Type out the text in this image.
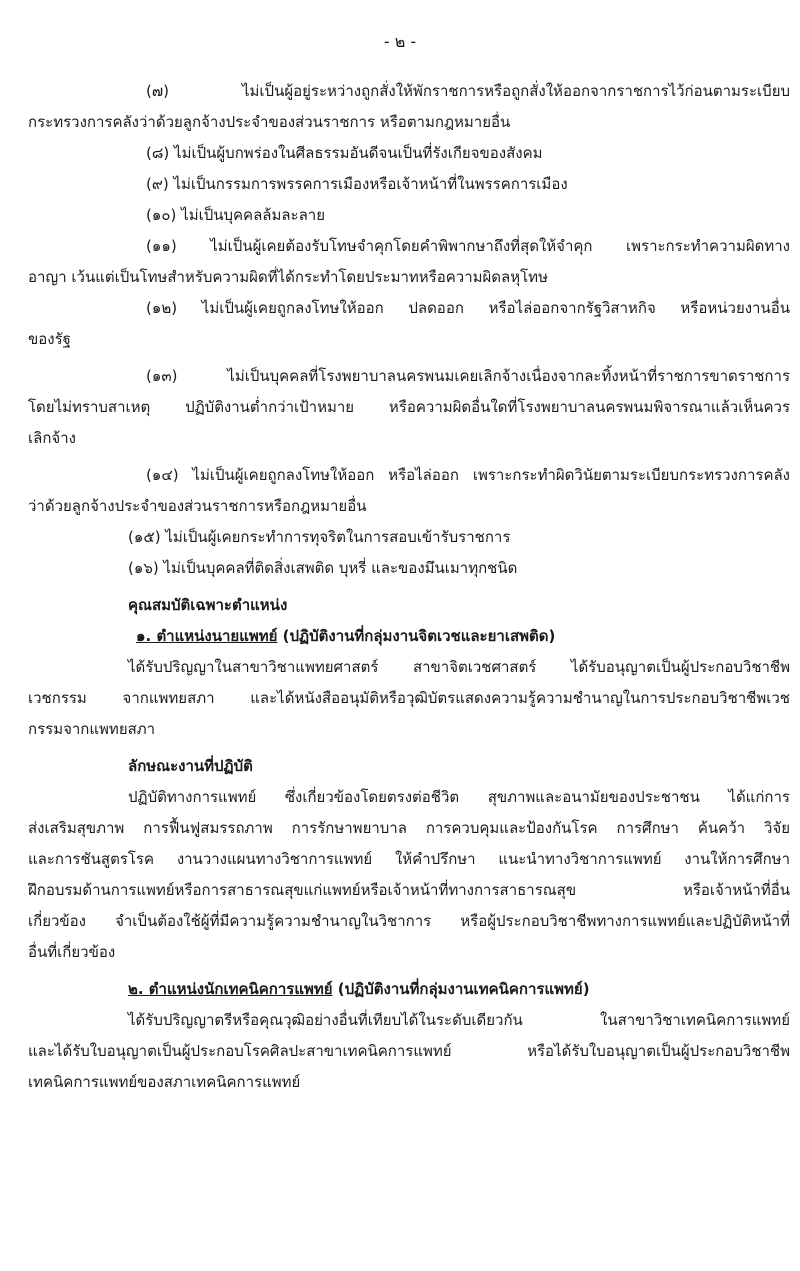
- ๒ -

(๗) ไม่เป็นผู้อยู่ระหว่างถูกสั่งให้พักราชการหรือถูกสั่งให้ออกจากราชการไว้ก่อนตามระเบียบ

กระทรวงการคลังว่าด้วยลูกจ้างประจำของส่วนราชการ หรือตามกฎหมายอื่น

(๘) ไม่เป็นผู้บกพร่องในศีลธรรมอันดีจนเป็นที่รังเกียจของสังคม

(๙) ไม่เป็นกรรมการพรรคการเมืองหรือเจ้าหน้าที่ในพรรคการเมือง

(๑๐) ไม่เป็นบุคคลล้มละลาย

(๑๑) ไม่เป็นผู้เคยต้องรับโทษจำคุกโดยคำพิพากษาถึงที่สุดให้จำคุก เพราะกระทำความผิดทาง

อาญา เว้นแต่เป็นโทษสำหรับความผิดที่ได้กระทำโดยประมาทหรือความผิดลหุโทษ

(๑๒) ไม่เป็นผู้เคยถูกลงโทษให้ออก ปลดออก หรือไล่ออกจากรัฐวิสาหกิจ หรือหน่วยงานอื่น

ของรัฐ

(๑๓) ไม่เป็นบุคคลที่โรงพยาบาลนครพนมเคยเลิกจ้างเนื่องจากละทิ้งหน้าที่ราชการขาดราชการ

โดยไม่ทราบสาเหตุ ปฏิบัติงานต่ำกว่าเป้าหมาย หรือความผิดอื่นใดที่โรงพยาบาลนครพนมพิจารณาแล้วเห็นควร

เลิกจ้าง

(๑๔) ไม่เป็นผู้เคยถูกลงโทษให้ออก หรือไล่ออก เพราะกระทำผิดวินัยตามระเบียบกระทรวงการคลัง

ว่าด้วยลูกจ้างประจำของส่วนราชการหรือกฎหมายอื่น

(๑๕) ไม่เป็นผู้เคยกระทำการทุจริตในการสอบเข้ารับราชการ

(๑๖) ไม่เป็นบุคคลที่ติดสิ่งเสพติด บุหรี่ และของมึนเมาทุกชนิด

คุณสมบัติเฉพาะตำแหน่ง

๑. ตำแหน่งนายแพทย์ (ปฏิบัติงานที่กลุ่มงานจิตเวชและยาเสพติด)

ได้รับปริญญาในสาขาวิชาแพทยศาสตร์ สาขาจิตเวชศาสตร์ ได้รับอนุญาตเป็นผู้ประกอบวิชาชีพ

เวชกรรม จากแพทยสภา และได้หนังสืออนุมัติหรือวุฒิบัตรแสดงความรู้ความชำนาญในการประกอบวิชาชีพเวช

กรรมจากแพทยสภา

ลักษณะงานที่ปฏิบัติ

ปฏิบัติทางการแพทย์ ซึ่งเกี่ยวข้องโดยตรงต่อชีวิต สุขภาพและอนามัยของประชาชน ได้แก่การ

ส่งเสริมสุขภาพ การฟื้นฟูสมรรถภาพ การรักษาพยาบาล การควบคุมและป้องกันโรค การศึกษา ค้นคว้า วิจัย

และการชันสูตรโรค งานวางแผนทางวิชาการแพทย์ ให้คำปรึกษา แนะนำทางวิชาการแพทย์ งานให้การศึกษา

ฝึกอบรมด้านการแพทย์หรือการสาธารณสุขแก่แพทย์หรือเจ้าหน้าที่ทางการสาธารณสุข หรือเจ้าหน้าที่อื่น

เกี่ยวข้อง จำเป็นต้องใช้ผู้ที่มีความรู้ความชำนาญในวิชาการ หรือผู้ประกอบวิชาชีพทางการแพทย์และปฏิบัติหน้าที่

อื่นที่เกี่ยวข้อง

๒. ตำแหน่งนักเทคนิคการแพทย์ (ปฏิบัติงานที่กลุ่มงานเทคนิคการแพทย์)

ได้รับปริญญาตรีหรือคุณวุฒิอย่างอื่นที่เทียบได้ในระดับเดียวกัน ในสาขาวิชาเทคนิคการแพทย์

และได้รับใบอนุญาตเป็นผู้ประกอบโรคศิลปะสาขาเทคนิคการแพทย์ หรือได้รับใบอนุญาตเป็นผู้ประกอบวิชาชีพ

เทคนิคการแพทย์ของสภาเทคนิคการแพทย์
